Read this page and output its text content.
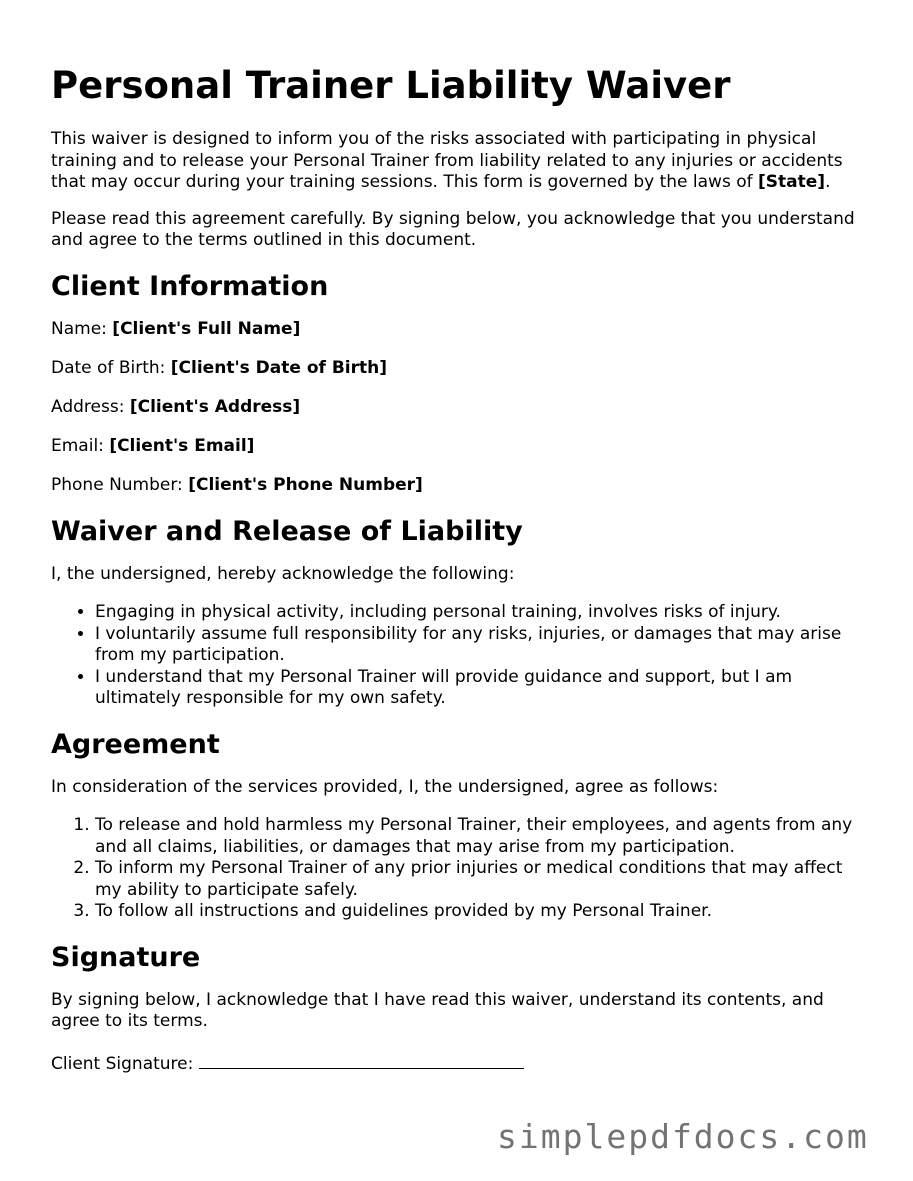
Personal Trainer Liability Waiver

This waiver is designed to inform you of the risks associated with participating in physical training and to release your Personal Trainer from liability related to any injuries or accidents that may occur during your training sessions. This form is governed by the laws of [State].

Please read this agreement carefully. By signing below, you acknowledge that you understand and agree to the terms outlined in this document.

Client Information
Name: [Client's Full Name]
Date of Birth: [Client's Date of Birth]
Address: [Client's Address]
Email: [Client's Email]
Phone Number: [Client's Phone Number]
Waiver and Release of Liability

I, the undersigned, hereby acknowledge the following:

• Engaging in physical activity, including personal training, involves risks of injury.
• I voluntarily assume full responsibility for any risks, injuries, or damages that may arise from my participation.
• I understand that my Personal Trainer will provide guidance and support, but I am ultimately responsible for my own safety.
Agreement

In consideration of the services provided, I, the undersigned, agree as follows:

1. To release and hold harmless my Personal Trainer, their employees, and agents from any and all claims, liabilities, or damages that may arise from my participation.
2. To inform my Personal Trainer of any prior injuries or medical conditions that may affect my ability to participate safely.
3. To follow all instructions and guidelines provided by my Personal Trainer.
Signature

By signing below, I acknowledge that I have read this waiver, understand its contents, and agree to its terms.

Client Signature:
simplepdfdocs.com
